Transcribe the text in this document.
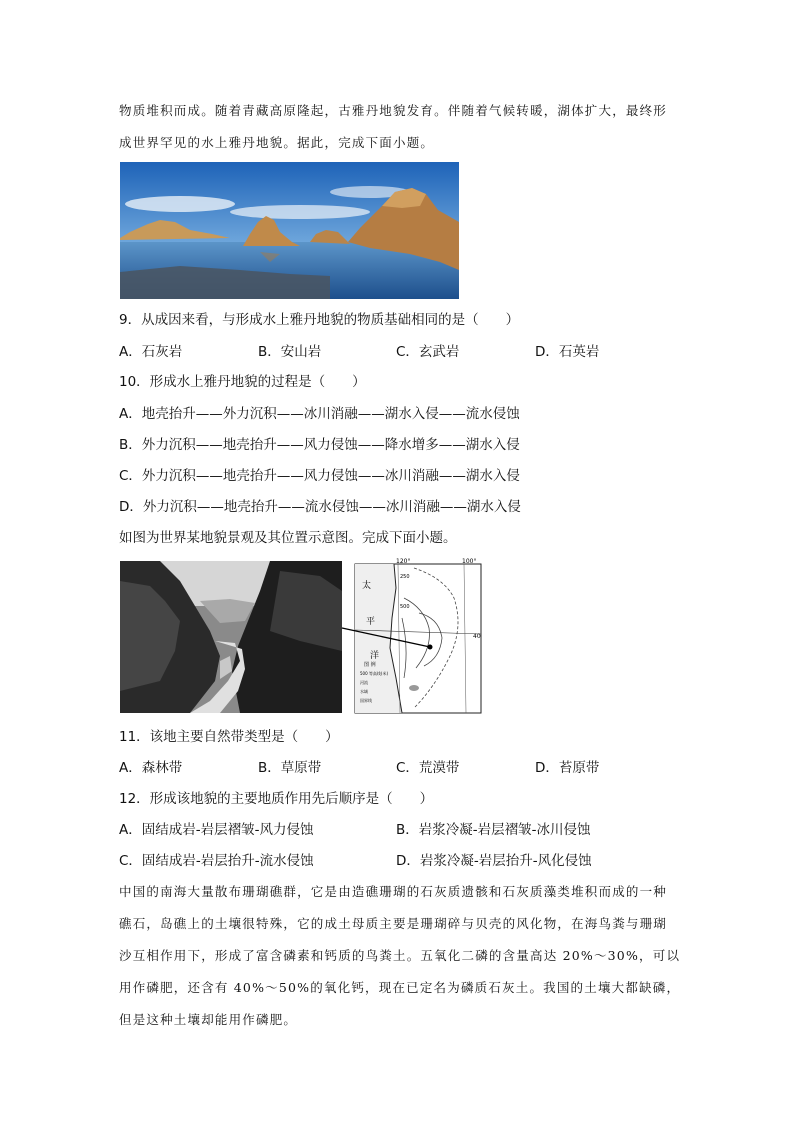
物质堆积而成。随着青藏高原隆起，古雅丹地貌发育。伴随着气候转暖，湖体扩大，最终形
成世界罕见的水上雅丹地貌。据此，完成下面小题。
9．从成因来看，与形成水上雅丹地貌的物质基础相同的是（　　）
A．石灰岩	B．安山岩	C．玄武岩	D．石英岩
10．形成水上雅丹地貌的过程是（　　）
A．地壳抬升——外力沉积——冰川消融——湖水入侵——流水侵蚀
B．外力沉积——地壳抬升——风力侵蚀——降水增多——湖水入侵
C．外力沉积——地壳抬升——风力侵蚀——冰川消融——湖水入侵
D．外力沉积——地壳抬升——流水侵蚀——冰川消融——湖水入侵
如图为世界某地貌景观及其位置示意图。完成下面小题。
120°	100°
40
太
平
洋
250
500
图 例
500 等高线(米)
河流
水域
国界线
11．该地主要自然带类型是（　　）
A．森林带	B．草原带	C．荒漠带	D．苔原带
12．形成该地貌的主要地质作用先后顺序是（　　）
A．固结成岩-岩层褶皱-风力侵蚀	B．岩浆冷凝-岩层褶皱-冰川侵蚀
C．固结成岩-岩层抬升-流水侵蚀	D．岩浆冷凝-岩层抬升-风化侵蚀
中国的南海大量散布珊瑚礁群，它是由造礁珊瑚的石灰质遗骸和石灰质藻类堆积而成的一种
礁石，岛礁上的土壤很特殊，它的成土母质主要是珊瑚碎与贝壳的风化物，在海鸟粪与珊瑚
沙互相作用下，形成了富含磷素和钙质的鸟粪土。五氧化二磷的含量高达 20%～30%，可以
用作磷肥，还含有 40%～50%的氧化钙，现在已定名为磷质石灰土。我国的土壤大都缺磷，
但是这种土壤却能用作磷肥。
